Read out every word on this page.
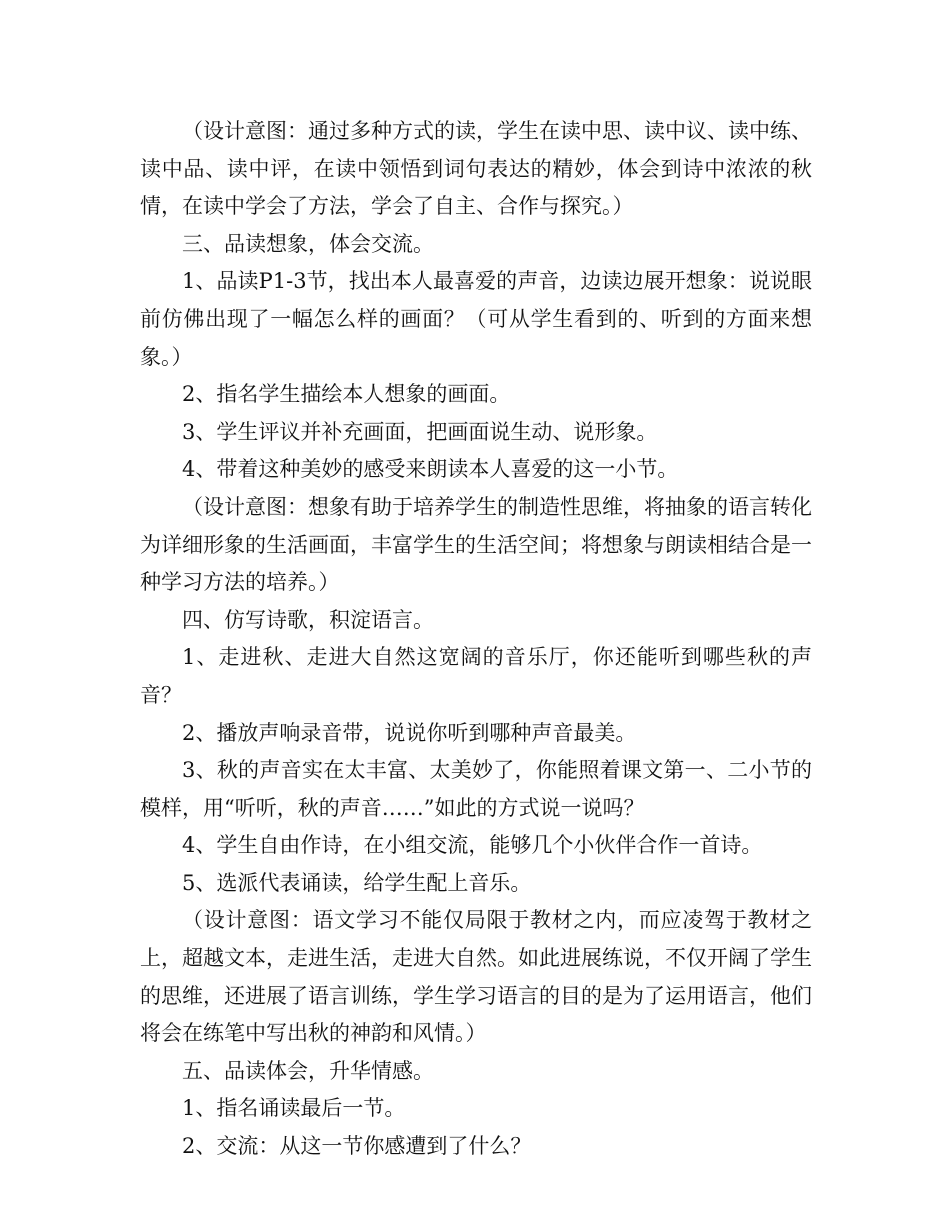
（设计意图：通过多种方式的读，学生在读中思、读中议、读中练、读中品、读中评，在读中领悟到词句表达的精妙，体会到诗中浓浓的秋情，在读中学会了方法，学会了自主、合作与探究。）

三、品读想象，体会交流。

1、品读P1-3节，找出本人最喜爱的声音，边读边展开想象：说说眼前仿佛出现了一幅怎么样的画面？（可从学生看到的、听到的方面来想象。）

2、指名学生描绘本人想象的画面。

3、学生评议并补充画面，把画面说生动、说形象。

4、带着这种美妙的感受来朗读本人喜爱的这一小节。

（设计意图：想象有助于培养学生的制造性思维，将抽象的语言转化为详细形象的生活画面，丰富学生的生活空间；将想象与朗读相结合是一种学习方法的培养。）

四、仿写诗歌，积淀语言。

1、走进秋、走进大自然这宽阔的音乐厅，你还能听到哪些秋的声音？

2、播放声响录音带，说说你听到哪种声音最美。

3、秋的声音实在太丰富、太美妙了，你能照着课文第一、二小节的模样，用“听听，秋的声音……”如此的方式说一说吗？

4、学生自由作诗，在小组交流，能够几个小伙伴合作一首诗。

5、选派代表诵读，给学生配上音乐。

（设计意图：语文学习不能仅局限于教材之内，而应凌驾于教材之上，超越文本，走进生活，走进大自然。如此进展练说，不仅开阔了学生的思维，还进展了语言训练，学生学习语言的目的是为了运用语言，他们将会在练笔中写出秋的神韵和风情。）

五、品读体会，升华情感。

1、指名诵读最后一节。

2、交流：从这一节你感遭到了什么？
